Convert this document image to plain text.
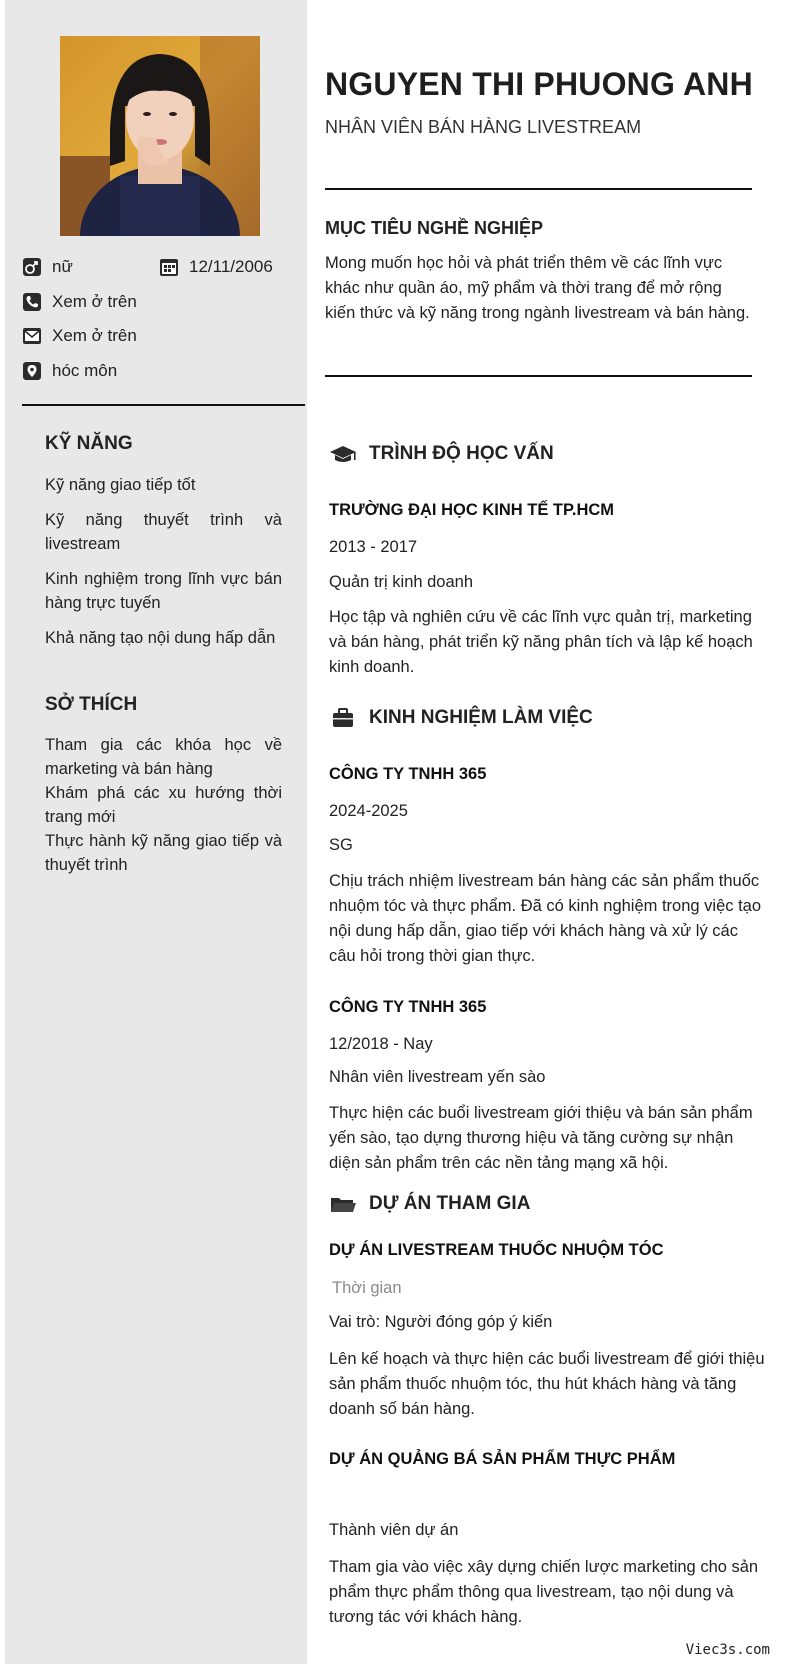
nữ	12/11/2006
Xem ở trên
Xem ở trên
hóc môn
KỸ NĂNG
Kỹ năng giao tiếp tốt
Kỹ năng thuyết trình và livestream
Kinh nghiệm trong lĩnh vực bán hàng trực tuyến
Khả năng tạo nội dung hấp dẫn
SỞ THÍCH
Tham gia các khóa học về marketing và bán hàng
Khám phá các xu hướng thời trang mới
Thực hành kỹ năng giao tiếp và thuyết trình
NGUYEN THI PHUONG ANH
NHÂN VIÊN BÁN HÀNG LIVESTREAM
MỤC TIÊU NGHỀ NGHIỆP
Mong muốn học hỏi và phát triển thêm về các lĩnh vực khác như quần áo, mỹ phẩm và thời trang để mở rộng kiến thức và kỹ năng trong ngành livestream và bán hàng.
TRÌNH ĐỘ HỌC VẤN
TRƯỜNG ĐẠI HỌC KINH TẾ TP.HCM
2013 - 2017
Quản trị kinh doanh
Học tập và nghiên cứu về các lĩnh vực quản trị, marketing và bán hàng, phát triển kỹ năng phân tích và lập kế hoạch kinh doanh.
KINH NGHIỆM LÀM VIỆC
CÔNG TY TNHH 365
2024-2025
SG
Chịu trách nhiệm livestream bán hàng các sản phẩm thuốc nhuộm tóc và thực phẩm. Đã có kinh nghiệm trong việc tạo nội dung hấp dẫn, giao tiếp với khách hàng và xử lý các câu hỏi trong thời gian thực.
CÔNG TY TNHH 365
12/2018 - Nay
Nhân viên livestream yến sào
Thực hiện các buổi livestream giới thiệu và bán sản phẩm yến sào, tạo dựng thương hiệu và tăng cường sự nhận diện sản phẩm trên các nền tảng mạng xã hội.
DỰ ÁN THAM GIA
DỰ ÁN LIVESTREAM THUỐC NHUỘM TÓC
Thời gian
Vai trò: Người đóng góp ý kiến
Lên kế hoạch và thực hiện các buổi livestream để giới thiệu sản phẩm thuốc nhuộm tóc, thu hút khách hàng và tăng doanh số bán hàng.
DỰ ÁN QUẢNG BÁ SẢN PHẨM THỰC PHẨM
Thành viên dự án
Tham gia vào việc xây dựng chiến lược marketing cho sản phẩm thực phẩm thông qua livestream, tạo nội dung và tương tác với khách hàng.
Viec3s.com
